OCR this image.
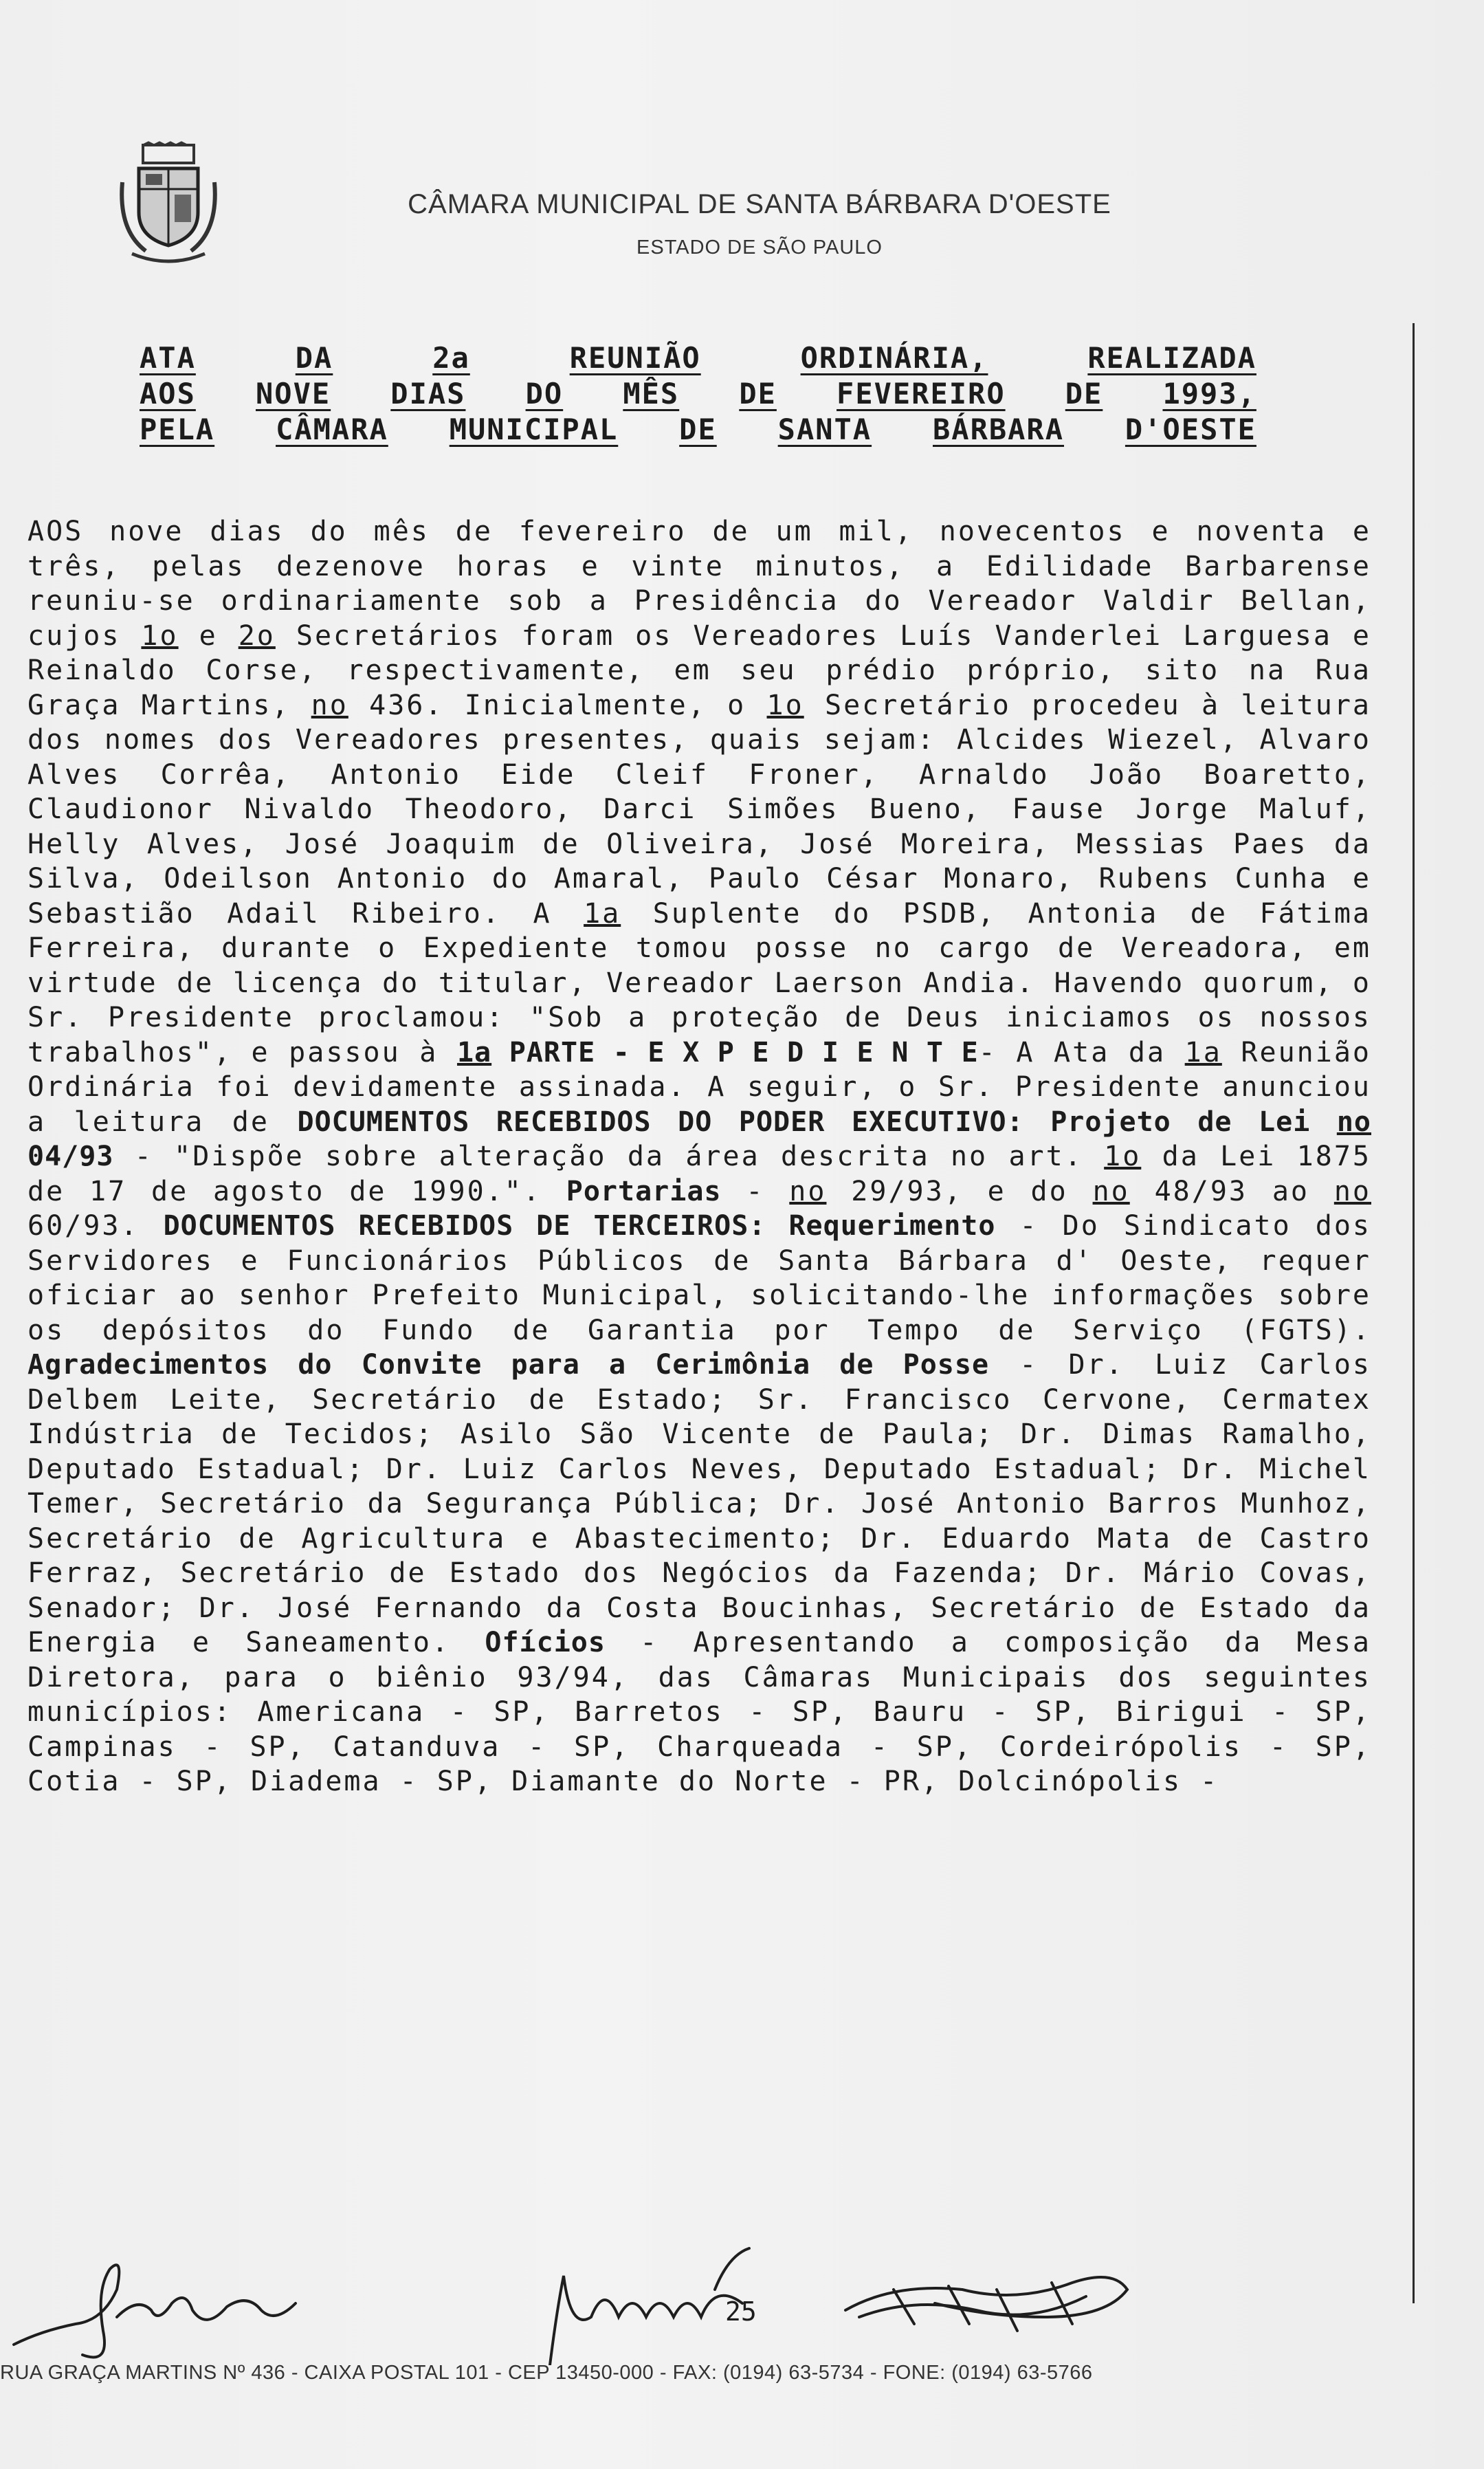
CÂMARA MUNICIPAL DE SANTA BÁRBARA D'OESTE
ESTADO DE SÃO PAULO
ATA	DA	2a	REUNIÃO	ORDINÁRIA,	REALIZADA
AOS NOVE DIAS DO MÊS DE FEVEREIRO DE 1993,
PELA CÂMARA MUNICIPAL DE SANTA BÁRBARA D'OESTE

AOS nove dias do mês de fevereiro de um mil, novecentos e noventa e três, pelas dezenove horas e vinte minutos, a Edilidade Barbarense reuniu-se ordinariamente sob a Presidência do Vereador Valdir Bellan, cujos 1o e 2o Secretários foram os Vereadores Luís Vanderlei Larguesa e Reinaldo Corse, respectivamente, em seu prédio próprio, sito na Rua Graça Martins, no 436. Inicialmente, o 1o Secretário procedeu à leitura dos nomes dos Vereadores presentes, quais sejam: Alcides Wiezel, Alvaro Alves Corrêa, Antonio Eide Cleif Froner, Arnaldo João Boaretto, Claudionor Nivaldo Theodoro, Darci Simões Bueno, Fause Jorge Maluf, Helly Alves, José Joaquim de Oliveira, José Moreira, Messias Paes da Silva, Odeilson Antonio do Amaral, Paulo César Monaro, Rubens Cunha e Sebastião Adail Ribeiro. A 1a Suplente do PSDB, Antonia de Fátima Ferreira, durante o Expediente tomou posse no cargo de Vereadora, em virtude de licença do titular, Vereador Laerson Andia. Havendo quorum, o Sr. Presidente proclamou: "Sob a proteção de Deus iniciamos os nossos trabalhos", e passou à 1a PARTE - E X P E D I E N T E- A Ata da 1a Reunião Ordinária foi devidamente assinada. A seguir, o Sr. Presidente anunciou a leitura de DOCUMENTOS RECEBIDOS DO PODER EXECUTIVO: Projeto de Lei no 04/93 - "Dispõe sobre alteração da área descrita no art. 1o da Lei 1875 de 17 de agosto de 1990.". Portarias - no 29/93, e do no 48/93 ao no 60/93. DOCUMENTOS RECEBIDOS DE TERCEIROS: Requerimento - Do Sindicato dos Servidores e Funcionários Públicos de Santa Bárbara d' Oeste, requer oficiar ao senhor Prefeito Municipal, solicitando-lhe informações sobre os depósitos do Fundo de Garantia por Tempo de Serviço (FGTS). Agradecimentos do Convite para a Cerimônia de Posse - Dr. Luiz Carlos Delbem Leite, Secretário de Estado; Sr. Francisco Cervone, Cermatex Indústria de Tecidos; Asilo São Vicente de Paula; Dr. Dimas Ramalho, Deputado Estadual; Dr. Luiz Carlos Neves, Deputado Estadual; Dr. Michel Temer, Secretário da Segurança Pública; Dr. José Antonio Barros Munhoz, Secretário de Agricultura e Abastecimento; Dr. Eduardo Mata de Castro Ferraz, Secretário de Estado dos Negócios da Fazenda; Dr. Mário Covas, Senador; Dr. José Fernando da Costa Boucinhas, Secretário de Estado da Energia e Saneamento. Ofícios - Apresentando a composição da Mesa Diretora, para o biênio 93/94, das Câmaras Municipais dos seguintes municípios: Americana - SP, Barretos - SP, Bauru - SP, Birigui - SP, Campinas - SP, Catanduva - SP, Charqueada - SP, Cordeirópolis - SP, Cotia - SP, Diadema - SP, Diamante do Norte - PR, Dolcinópolis -

25
RUA GRAÇA MARTINS Nº 436 - CAIXA POSTAL 101 - CEP 13450-000 - FAX: (0194) 63-5734 - FONE: (0194) 63-5766
